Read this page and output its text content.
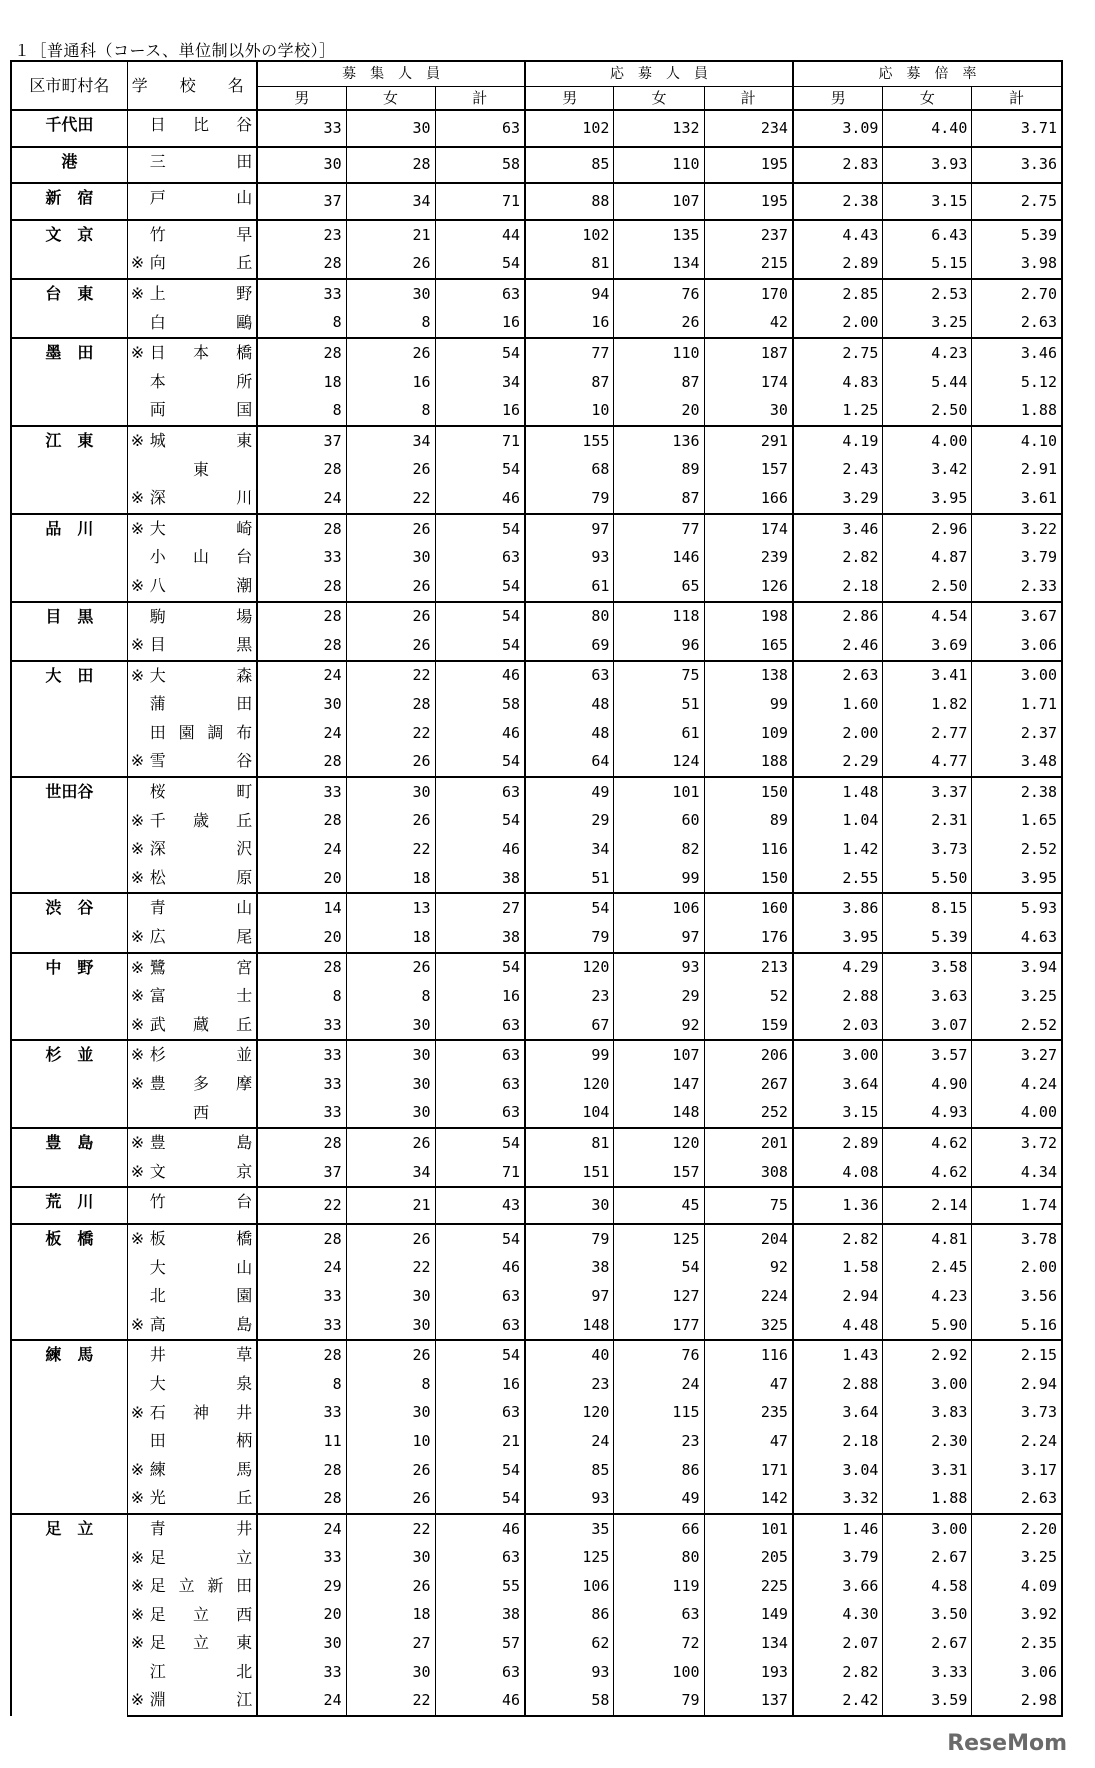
１［普通科（コース、単位制以外の学校）］
区市町村名	学　　校　　名	募　集　人　員			応　募　人　員			応　募　倍　率		
		男	女	計	男	女	計	男	女	計
千代田	日 比 谷	33	30	63	102	132	234	3.09	4.40	3.71
港	三 田	30	28	58	85	110	195	2.83	3.93	3.36
新　宿	戸 山	37	34	71	88	107	195	2.38	3.15	2.75
文　京	竹 早	23	21	44	102	135	237	4.43	6.43	5.39

	※ 向 丘	28	26	54	81	134	215	2.89	5.15	3.98
台　東	※ 上 野	33	30	63	94	76	170	2.85	2.53	2.70

	白 鷗	8	8	16	16	26	42	2.00	3.25	2.63
墨　田	※ 日 本 橋	28	26	54	77	110	187	2.75	4.23	3.46

	本 所	18	16	34	87	87	174	4.83	5.44	5.12

	両 国	8	8	16	10	20	30	1.25	2.50	1.88
江　東	※ 城 東	37	34	71	155	136	291	4.19	4.00	4.10

	東	28	26	54	68	89	157	2.43	3.42	2.91

	※ 深 川	24	22	46	79	87	166	3.29	3.95	3.61
品　川	※ 大 崎	28	26	54	97	77	174	3.46	2.96	3.22

	小 山 台	33	30	63	93	146	239	2.82	4.87	3.79

	※ 八 潮	28	26	54	61	65	126	2.18	2.50	2.33
目　黒	駒 場	28	26	54	80	118	198	2.86	4.54	3.67

	※ 目 黒	28	26	54	69	96	165	2.46	3.69	3.06
大　田	※ 大 森	24	22	46	63	75	138	2.63	3.41	3.00

	蒲 田	30	28	58	48	51	99	1.60	1.82	1.71

	田 園 調 布	24	22	46	48	61	109	2.00	2.77	2.37

	※ 雪 谷	28	26	54	64	124	188	2.29	4.77	3.48
世田谷	桜 町	33	30	63	49	101	150	1.48	3.37	2.38

	※ 千 歳 丘	28	26	54	29	60	89	1.04	2.31	1.65

	※ 深 沢	24	22	46	34	82	116	1.42	3.73	2.52

	※ 松 原	20	18	38	51	99	150	2.55	5.50	3.95
渋　谷	青 山	14	13	27	54	106	160	3.86	8.15	5.93

	※ 広 尾	20	18	38	79	97	176	3.95	5.39	4.63
中　野	※ 鷺 宮	28	26	54	120	93	213	4.29	3.58	3.94

	※ 富 士	8	8	16	23	29	52	2.88	3.63	3.25

	※ 武 蔵 丘	33	30	63	67	92	159	2.03	3.07	2.52
杉　並	※ 杉 並	33	30	63	99	107	206	3.00	3.57	3.27

	※ 豊 多 摩	33	30	63	120	147	267	3.64	4.90	4.24

	西	33	30	63	104	148	252	3.15	4.93	4.00
豊　島	※ 豊 島	28	26	54	81	120	201	2.89	4.62	3.72

	※ 文 京	37	34	71	151	157	308	4.08	4.62	4.34
荒　川	竹 台	22	21	43	30	45	75	1.36	2.14	1.74
板　橋	※ 板 橋	28	26	54	79	125	204	2.82	4.81	3.78

	大 山	24	22	46	38	54	92	1.58	2.45	2.00

	北 園	33	30	63	97	127	224	2.94	4.23	3.56

	※ 高 島	33	30	63	148	177	325	4.48	5.90	5.16
練　馬	井 草	28	26	54	40	76	116	1.43	2.92	2.15

	大 泉	8	8	16	23	24	47	2.88	3.00	2.94

	※ 石 神 井	33	30	63	120	115	235	3.64	3.83	3.73

	田 柄	11	10	21	24	23	47	2.18	2.30	2.24

	※ 練 馬	28	26	54	85	86	171	3.04	3.31	3.17

	※ 光 丘	28	26	54	93	49	142	3.32	1.88	2.63
足　立	青 井	24	22	46	35	66	101	1.46	3.00	2.20

	※ 足 立	33	30	63	125	80	205	3.79	2.67	3.25

	※ 足 立 新 田	29	26	55	106	119	225	3.66	4.58	4.09

	※ 足 立 西	20	18	38	86	63	149	4.30	3.50	3.92

	※ 足 立 東	30	27	57	62	72	134	2.07	2.67	2.35

	江 北	33	30	63	93	100	193	2.82	3.33	3.06

	※ 淵 江	24	22	46	58	79	137	2.42	3.59	2.98
ReseMom
